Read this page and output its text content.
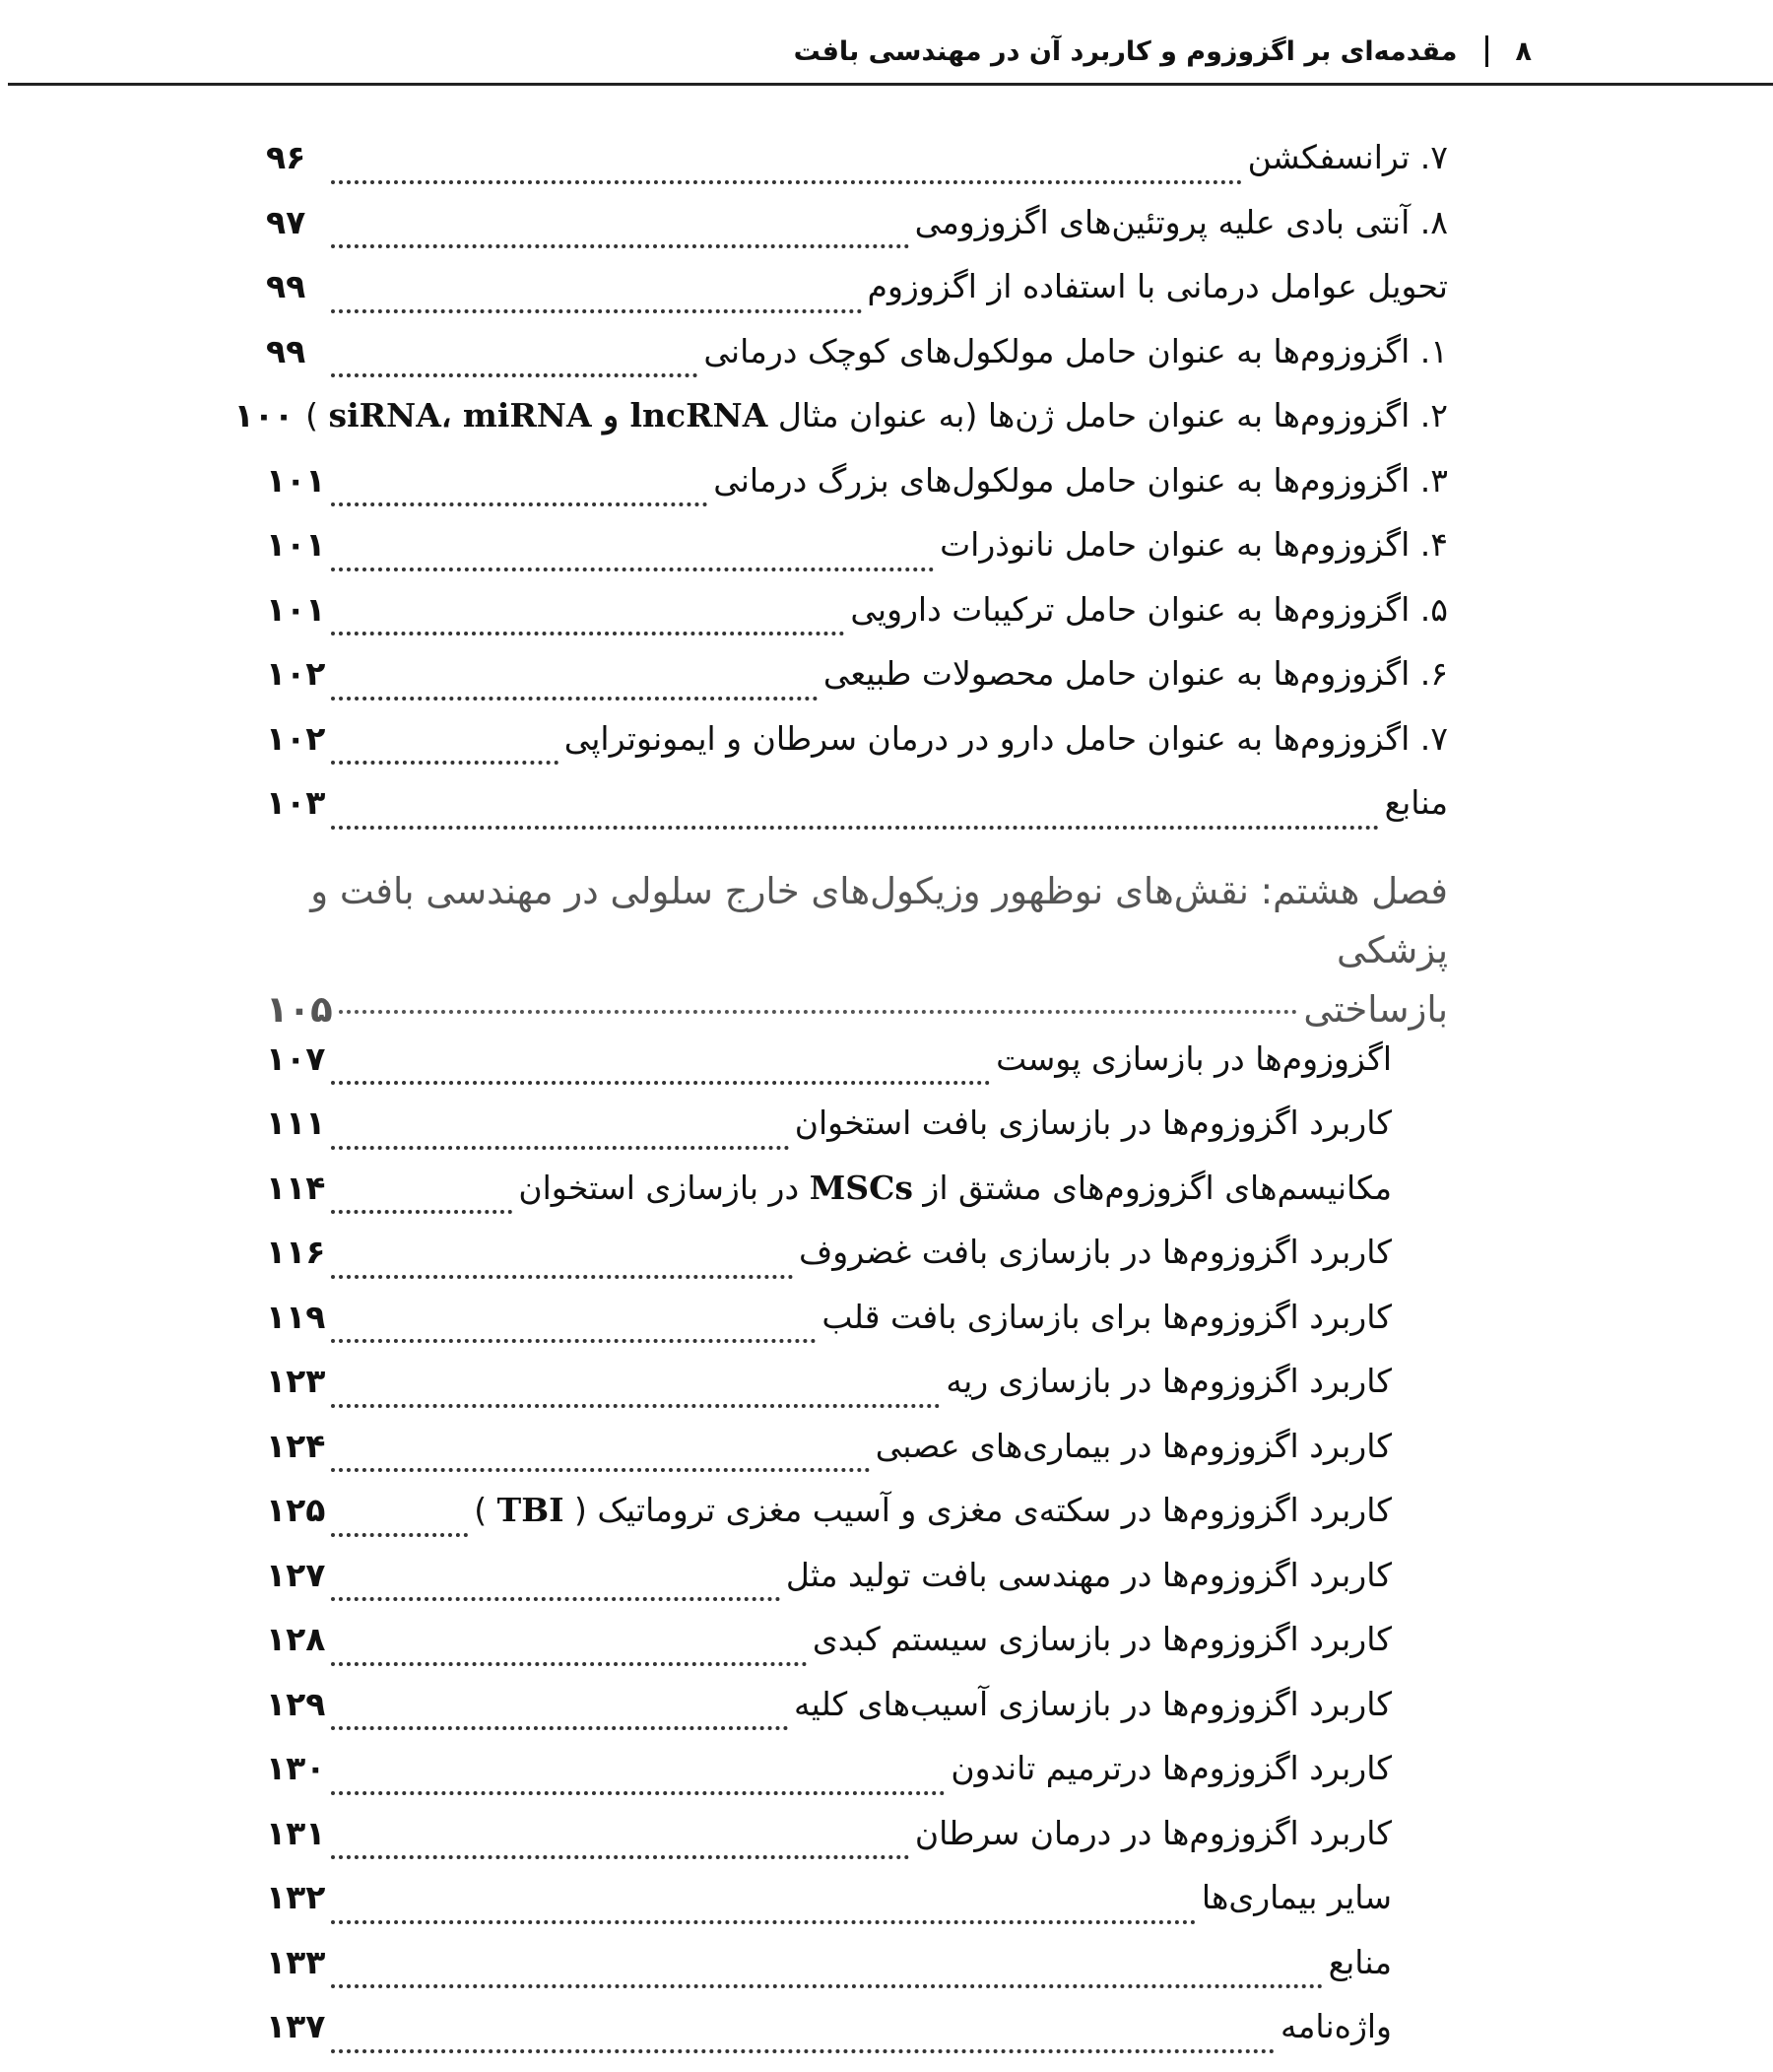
۸
مقدمه‌ای بر اگزوزوم و کاربرد آن در مهندسی بافت
۷. ترانسفکشن
۹۶
۸. آنتی بادی علیه پروتئین‌های اگزوزومی
۹۷
تحویل عوامل درمانی با استفاده از اگزوزوم
۹۹
۱. اگزوزوم‌ها به عنوان حامل مولکول‌های کوچک درمانی
۹۹
۲. اگزوزوم‌ها به عنوان حامل ژن‌ها (به عنوان مثال siRNA، miRNA و lncRNA )
۱۰۰
۳. اگزوزوم‌ها به عنوان حامل مولکول‌های بزرگ درمانی
۱۰۱
۴. اگزوزوم‌ها به عنوان حامل نانوذرات
۱۰۱
۵. اگزوزوم‌ها به عنوان حامل ترکیبات دارویی
۱۰۱
۶. اگزوزوم‌ها به عنوان حامل محصولات طبیعی
۱۰۲
۷. اگزوزوم‌ها به عنوان حامل دارو در درمان سرطان و ایمونوتراپی
۱۰۲
منابع
۱۰۳
فصل هشتم: نقش‌های نوظهور وزیکول‌های خارج سلولی در مهندسی بافت و پزشکی
بازساختی
۱۰۵
اگزوزوم‌ها در بازسازی پوست
۱۰۷
کاربرد اگزوزوم‌ها در بازسازی بافت استخوان
۱۱۱
مکانیسم‌های اگزوزوم‌های مشتق از MSCs در بازسازی استخوان
۱۱۴
کاربرد اگزوزوم‌ها در بازسازی بافت غضروف
۱۱۶
کاربرد اگزوزوم‌ها برای بازسازی بافت قلب
۱۱۹
کاربرد اگزوزوم‌ها در بازسازی ریه
۱۲۳
کاربرد اگزوزوم‌ها در بیماری‌های عصبی
۱۲۴
کاربرد اگزوزوم‌ها در سکته‌ی مغزی و آسیب مغزی تروماتیک ( TBI )
۱۲۵
کاربرد اگزوزوم‌ها در مهندسی بافت تولید مثل
۱۲۷
کاربرد اگزوزوم‌ها در بازسازی سیستم کبدی
۱۲۸
کاربرد اگزوزوم‌ها در بازسازی آسیب‌های کلیه
۱۲۹
کاربرد اگزوزوم‌ها درترمیم تاندون
۱۳۰
کاربرد اگزوزوم‌ها در درمان سرطان
۱۳۱
سایر بیماری‌ها
۱۳۲
منابع
۱۳۳
واژه‌نامه
۱۳۷
